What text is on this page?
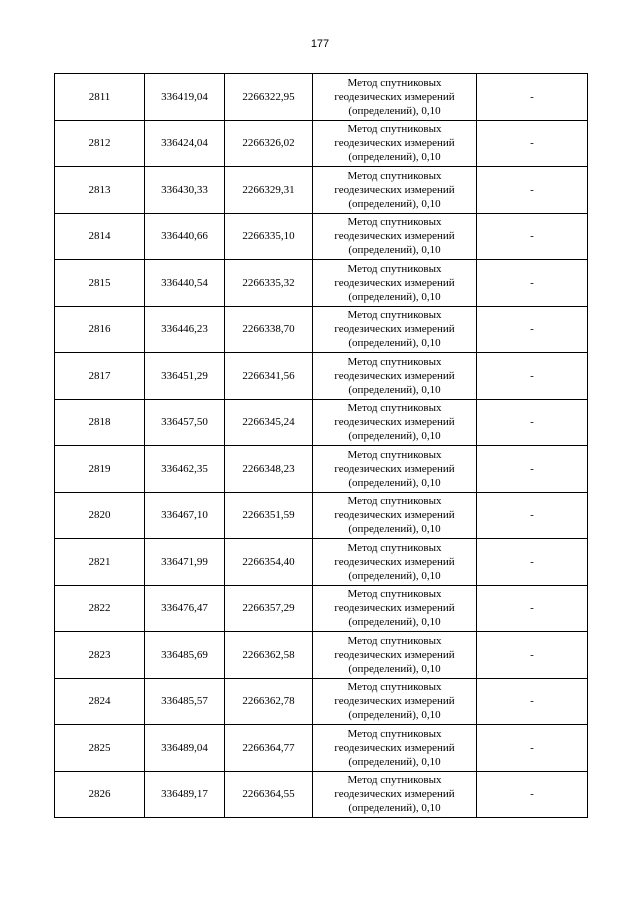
177
2811	336419,04	2266322,95	Метод спутниковых
геодезических измерений
(определений), 0,10	-
2812	336424,04	2266326,02	Метод спутниковых
геодезических измерений
(определений), 0,10	-
2813	336430,33	2266329,31	Метод спутниковых
геодезических измерений
(определений), 0,10	-
2814	336440,66	2266335,10	Метод спутниковых
геодезических измерений
(определений), 0,10	-
2815	336440,54	2266335,32	Метод спутниковых
геодезических измерений
(определений), 0,10	-
2816	336446,23	2266338,70	Метод спутниковых
геодезических измерений
(определений), 0,10	-
2817	336451,29	2266341,56	Метод спутниковых
геодезических измерений
(определений), 0,10	-
2818	336457,50	2266345,24	Метод спутниковых
геодезических измерений
(определений), 0,10	-
2819	336462,35	2266348,23	Метод спутниковых
геодезических измерений
(определений), 0,10	-
2820	336467,10	2266351,59	Метод спутниковых
геодезических измерений
(определений), 0,10	-
2821	336471,99	2266354,40	Метод спутниковых
геодезических измерений
(определений), 0,10	-
2822	336476,47	2266357,29	Метод спутниковых
геодезических измерений
(определений), 0,10	-
2823	336485,69	2266362,58	Метод спутниковых
геодезических измерений
(определений), 0,10	-
2824	336485,57	2266362,78	Метод спутниковых
геодезических измерений
(определений), 0,10	-
2825	336489,04	2266364,77	Метод спутниковых
геодезических измерений
(определений), 0,10	-
2826	336489,17	2266364,55	Метод спутниковых
геодезических измерений
(определений), 0,10	-
